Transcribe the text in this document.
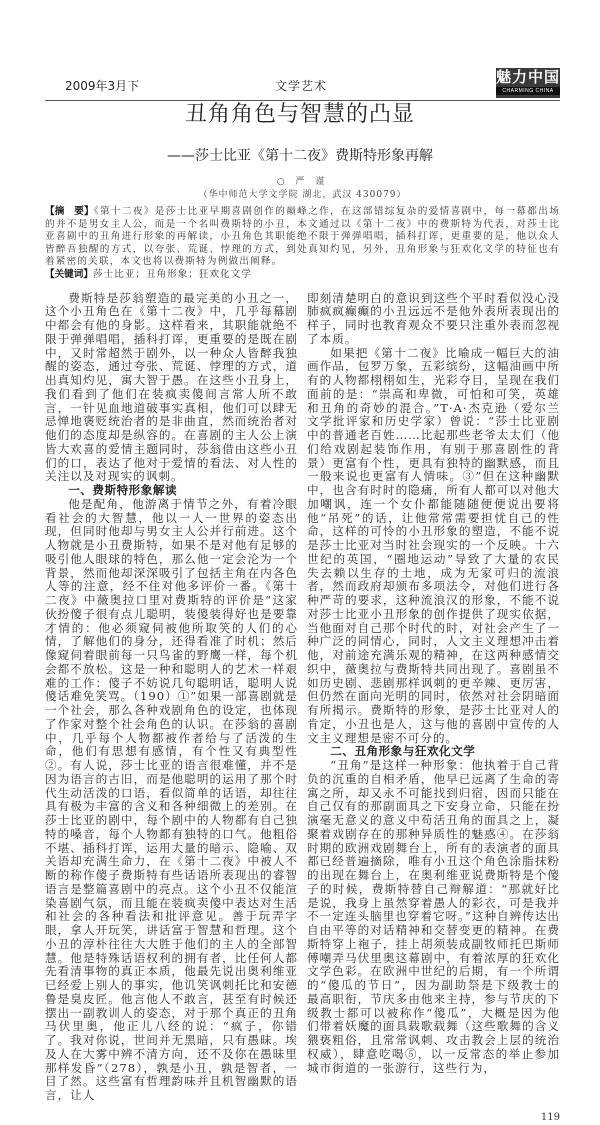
2009年3月下	文学艺术	魅力中国
CHARMING CHINA
丑角角色与智慧的凸显
——莎士比亚《第十二夜》费斯特形象再解
○ 严 谨
（华中师范大学文学院 湖北，武汉 430079）
【摘　要】《第十二夜》是莎士比亚早期喜剧创作的巅峰之作，在这部错综复杂的爱情喜剧中，每一幕都出场的并不是男女主人公，而是一个名叫费斯特的小丑，本文通过以《第十二夜》中的费斯特为代表，对莎士比亚喜剧中的丑角进行形象的再解读，小丑角色其职能绝不限于弹弹唱唱，插科打诨，更重要的是，他以众人皆醉吾独醒的方式，以夸张、荒诞、悖理的方式，到处真知灼见，另外，丑角形象与狂欢化文学的特征也有着紧密的关联，本文也将以费斯特为例做出阐释。
【关键词】莎士比亚；丑角形象；狂欢化文学

费斯特是莎翁塑造的最完美的小丑之一，这个小丑角色在《第十二夜》中，几乎每幕剧中都会有他的身影。这样看来，其职能就绝不限于弹弹唱唱，插科打诨，更重要的是既在剧中，又时常超然于剧外，以一种众人皆醉我独醒的姿态，通过夸张、荒诞、悖理的方式，道出真知灼见，寓大智于愚。在这些小丑身上，我们看到了他们在装疯卖傻间言常人所不敢言，一针见血地道破事实真相，他们可以肆无忌惮地褒贬统治者的是非曲直，然而统治者对他们的态度却是纵容的。在喜剧的主人公上演皆大欢喜的爱情主题同时，莎翁借由这些小丑们的口，表达了他对于爱情的看法、对人性的关注以及对现实的讽刺。

一、费斯特形象解读

他是配角，他游离于情节之外，有着冷眼看社会的大智慧，他以一人一世界的姿态出现，但同时他却与男女主人公并行前进。这个人物就是小丑费斯特，如果不是对他有足够的吸引他人眼球的特色，那么他一定会沦为一个背景，然而他却深深吸引了包括主角在内各色人等的注意，经不住对他多评价一番。《第十二夜》中薇奥拉口里对费斯特的评价是“这家伙扮傻子很有点儿聪明，装傻装得好也是要靠才情的：他必须窥伺被他所取笑的人们的心情，了解他们的身分，还得看准了时机；然后像窥伺着眼前每一只鸟雀的野鹰一样，每个机会都不放松。这是一种和聪明人的艺术一样艰难的工作：傻子不妨说几句聪明话，聪明人说傻话难免笑骂。（190）①”如果一部喜剧就是一个社会，那么各种戏剧角色的设定，也体现了作家对整个社会角色的认识。在莎翁的喜剧中，几乎每个人物都被作者给与了活泼的生命，他们有思想有感情，有个性又有典型性②。有人说，莎士比亚的语言很难懂，并不是因为语言的古旧，而是他聪明的运用了那个时代生动活泼的口语，看似简单的话语，却往往具有极为丰富的含义和各种细微上的差别。在莎士比亚的剧中，每个剧中的人物都有自己独特的嗓音，每个人物都有独特的口气。他粗俗不堪、插科打诨，运用大量的暗示、隐喻、双关语却充满生命力，在《第十二夜》中被人不断的称作傻子费斯特有些话语所表现出的睿智语言是整篇喜剧中的亮点。这个小丑不仅能渲染喜剧气氛，而且能在装疯卖傻中表达对生活和社会的各种看法和批评意见。善于玩弄字眼，拿人开玩笑，讲话富于智慧和哲理。这个小丑的淳朴往往大大胜于他们的主人的全部智慧。他是特殊话语权利的拥有者，比任何人都先看清事物的真正本质，他最先说出奥利维亚已经爱上别人的事实，他讥笑讽刺托比和安德鲁是臭皮匠。他言他人不敢言，甚至有时候还摆出一副教训人的姿态，对于那个真正的丑角马伏里奥，他正儿八经的说：“疯子，你错了。我对你说，世间并无黑暗，只有愚昧。埃及人在大雾中辨不清方向，还不及你在愚昧里那样发昏”（278），孰是小丑，孰是智者，一目了然。这些富有哲理韵味并且机智幽默的语言，让人

即刻清楚明白的意识到这些个平时看似没心没肺疯疯癫癫的小丑远远不是他外表所表现出的样子，同时也教育观众不要只注重外表而忽视了本质。

如果把《第十二夜》比喻成一幅巨大的油画作品，包罗万象，五彩缤纷，这幅油画中所有的人物都栩栩如生，光彩夺目，呈现在我们面前的是：“崇高和卑微，可怕和可笑，英雄和丑角的奇妙的混合。”T·A·杰克逊（爱尔兰文学批评家和历史学家）曾说：“莎士比亚剧中的普通老百姓……比起那些老爷太太们（他们给戏剧起装饰作用，有别于那喜剧性的背景）更富有个性，更具有独特的幽默感，而且一般来说也更富有人情味。③”但在这种幽默中，也含有时时的隐痛，所有人都可以对他大加嘲讽，连一个女仆都能随随便便说出要将他“吊死”的话，让他常常需要担忧自己的性命，这样的可怜的小丑形象的塑造，不能不说是莎士比亚对当时社会现实的一个反映。十六世纪的英国，“圈地运动”导致了大量的农民失去赖以生存的土地，成为无家可归的流浪者，然而政府却颁布多项法令，对他们进行各种严苛的要求，这种流浪汉的形象，不能不说对莎士比亚小丑形象的创作提供了现实依据，当他面对自己那个时代的时，对社会产生了一种广泛的同情心，同时，人文主义理想冲击着他，对前途充满乐观的精神，在这两种感情交织中，薇奥拉与费斯特共同出现了。喜剧虽不如历史剧、悲剧那样讽刺的更辛辣、更厉害，但仍然在面向光明的同时，依然对社会阴暗面有所揭示。费斯特的形象，是莎士比亚对人的肯定，小丑也是人，这与他的喜剧中宣传的人文主义理想是密不可分的。

二、丑角形象与狂欢化文学

“丑角”是这样一种形象：他执着于自己背负的沉重的自相矛盾，他早已远离了生命的寄寓之所，却又永不可能找到归宿，因而只能在自己仅有的那副面具之下安身立命，只能在扮演毫无意义的意义中苟活丑角的面具之上，凝聚着戏剧存在的那种异质性的魅惑④。在莎翁时期的欧洲戏剧舞台上，所有的表演者的面具都已经普遍摘除，唯有小丑这个角色涂脂抹粉的出现在舞台上，在奥利维亚说费斯特是个傻子的时候，费斯特替自己辩解道：“那就好比是说，我身上虽然穿着愚人的彩衣，可是我并不一定连头脑里也穿着它呀。”这种自辨传达出自由平等的对话精神和交替变更的精神。在费斯特穿上袍子，挂上胡须装成副牧师托巴斯师傅嘲弄马伏里奥这幕剧中，有着浓厚的狂欢化文学色彩。在欧洲中世纪的后期，有一个所谓的“傻瓜的节日”，因为副助祭是下级教士的最高职衔，节庆多由他来主持，参与节庆的下级教士都可以被称作“傻瓜”，大概是因为他们带着妖魔的面具载歌载舞（这些歌舞的含义猥亵粗俗，且常常讽刺、攻击教会上层的统治权威），肆意吃喝⑤，以一反常态的举止参加城市街道的一张游行，这些行为，

119
